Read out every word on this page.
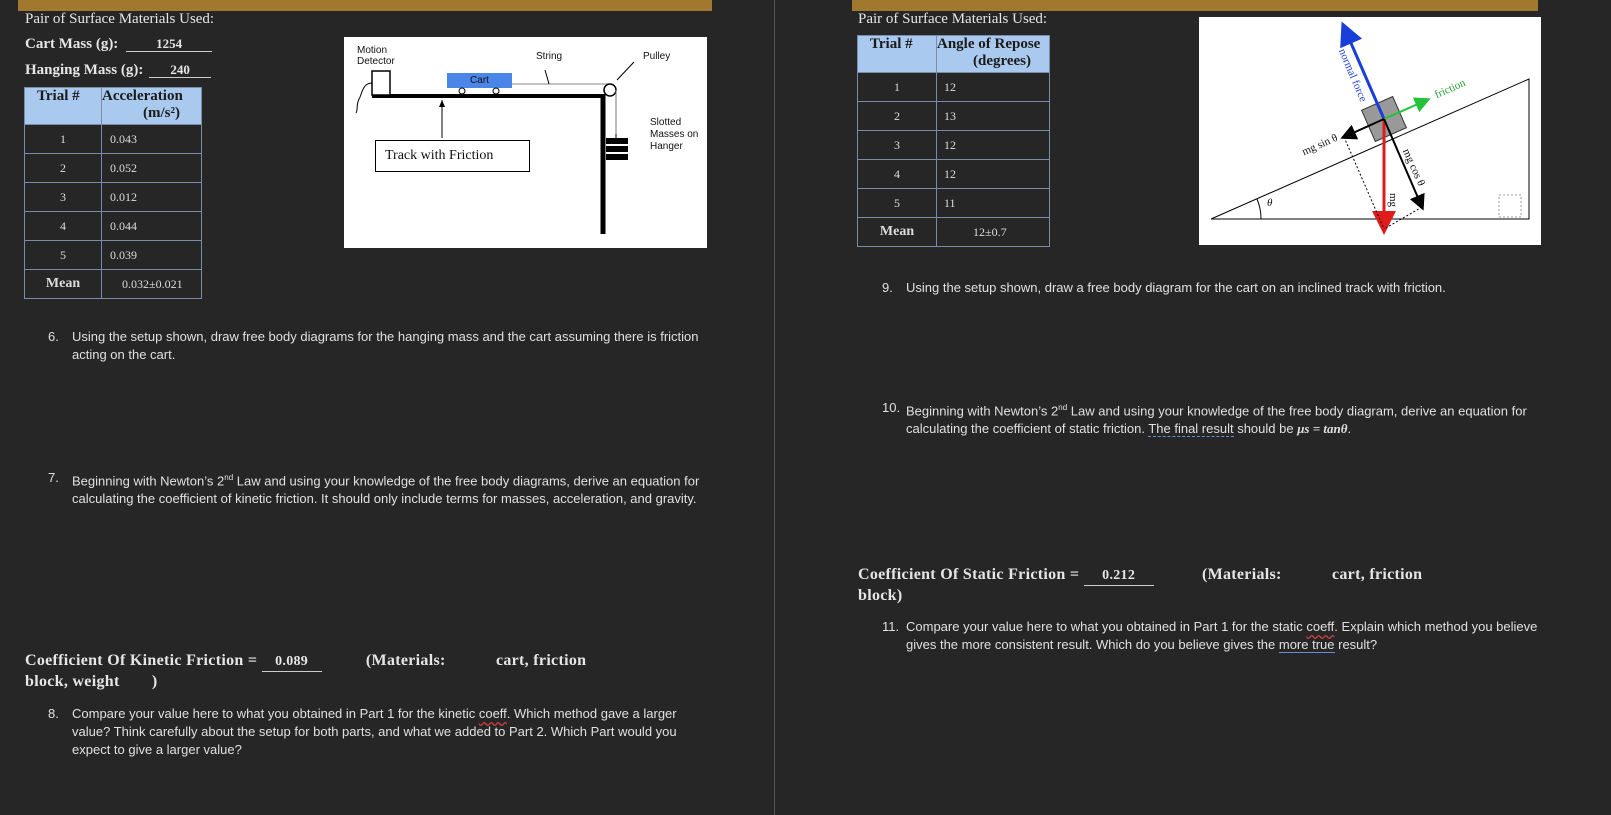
Pair of Surface Materials Used:
Cart Mass (g):	1254
Hanging Mass (g): 240
Trial #	Acceleration
(m/s²)

1	0.043
2	0.052
3	0.012
4	0.044
5	0.039
Mean	0.032±0.021
Motion Detector
Cart
String	Pulley
Slotted Masses on Hanger
Track with Friction
6. Using the setup shown, draw free body diagrams for the hanging mass and the cart assuming there is friction acting on the cart.
7. Beginning with Newton’s 2nd Law and using your knowledge of the free body diagrams, derive an equation for calculating the coefficient of kinetic friction. It should only include terms for masses, acceleration, and gravity.
Coefficient Of Kinetic Friction = 0.089	(Materials:	cart, friction
block, weight )
8. Compare your value here to what you obtained in Part 1 for the kinetic coeff. Which method gave a larger value? Think carefully about the setup for both parts, and what we added to Part 2. Which Part would you expect to give a larger value?
Pair of Surface Materials Used:
Trial #	Angle of Repose
(degrees)

1	12
2	13
3	12
4	12
5	11
Mean	12±0.7
normal force	friction
mg sin θ
mg cos θ
mg
θ
9. Using the setup shown, draw a free body diagram for the cart on an inclined track with friction.
10. Beginning with Newton’s 2nd Law and using your knowledge of the free body diagram, derive an equation for calculating the coefficient of static friction. The final result should be μs = tanθ.
Coefficient Of Static Friction = 0.212	(Materials:	cart, friction
block)
11. Compare your value here to what you obtained in Part 1 for the static coeff. Explain which method you believe gives the more consistent result. Which do you believe gives the more true result?
